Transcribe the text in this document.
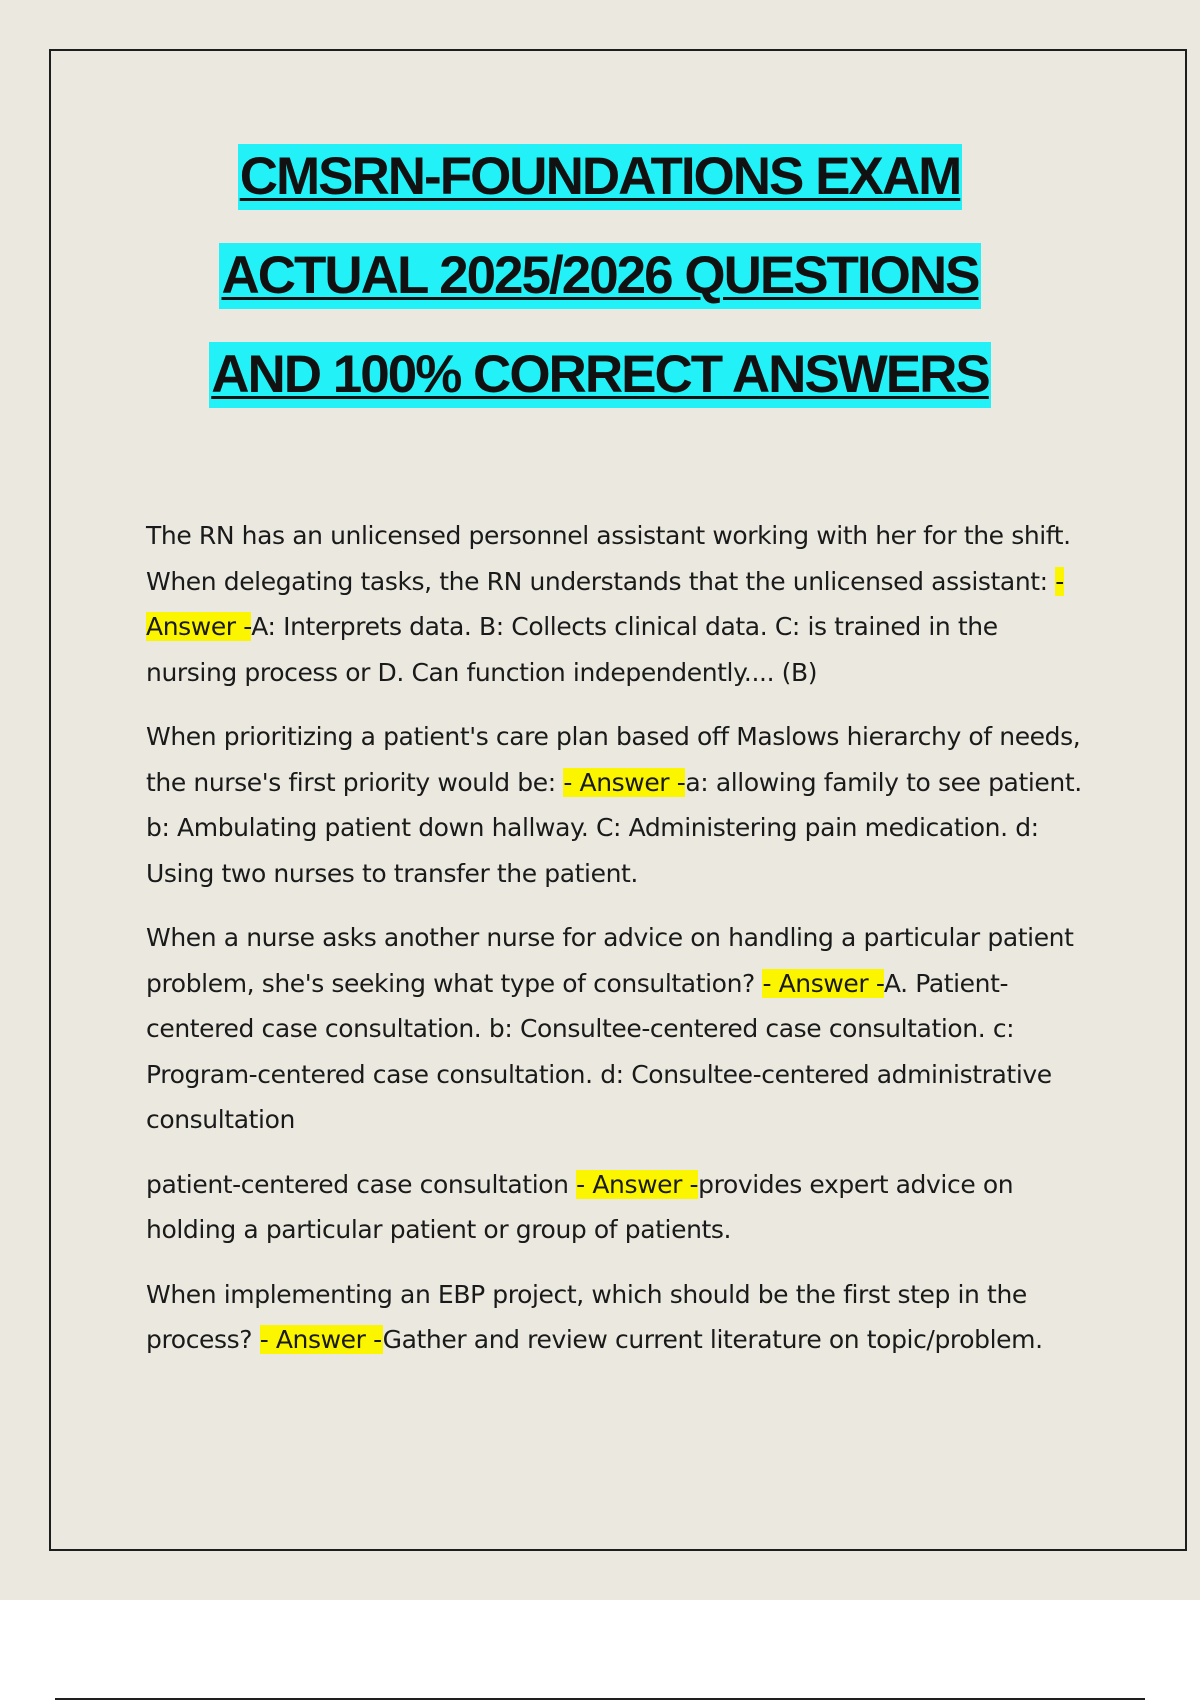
CMSRN-FOUNDATIONS EXAM
ACTUAL 2025/2026 QUESTIONS
AND 100% CORRECT ANSWERS

The RN has an unlicensed personnel assistant working with her for the shift. When delegating tasks, the RN understands that the unlicensed assistant: - Answer -A: Interprets data. B: Collects clinical data. C: is trained in the nursing process or D. Can function independently.... (B)

When prioritizing a patient's care plan based off Maslows hierarchy of needs, the nurse's first priority would be: - Answer -a: allowing family to see patient. b: Ambulating patient down hallway. C: Administering pain medication. d: Using two nurses to transfer the patient.

When a nurse asks another nurse for advice on handling a particular patient problem, she's seeking what type of consultation? - Answer -A. Patient-centered case consultation. b: Consultee-centered case consultation. c: Program-centered case consultation. d: Consultee-centered administrative consultation

patient-centered case consultation - Answer -provides expert advice on holding a particular patient or group of patients.

When implementing an EBP project, which should be the first step in the process? - Answer -Gather and review current literature on topic/problem.
